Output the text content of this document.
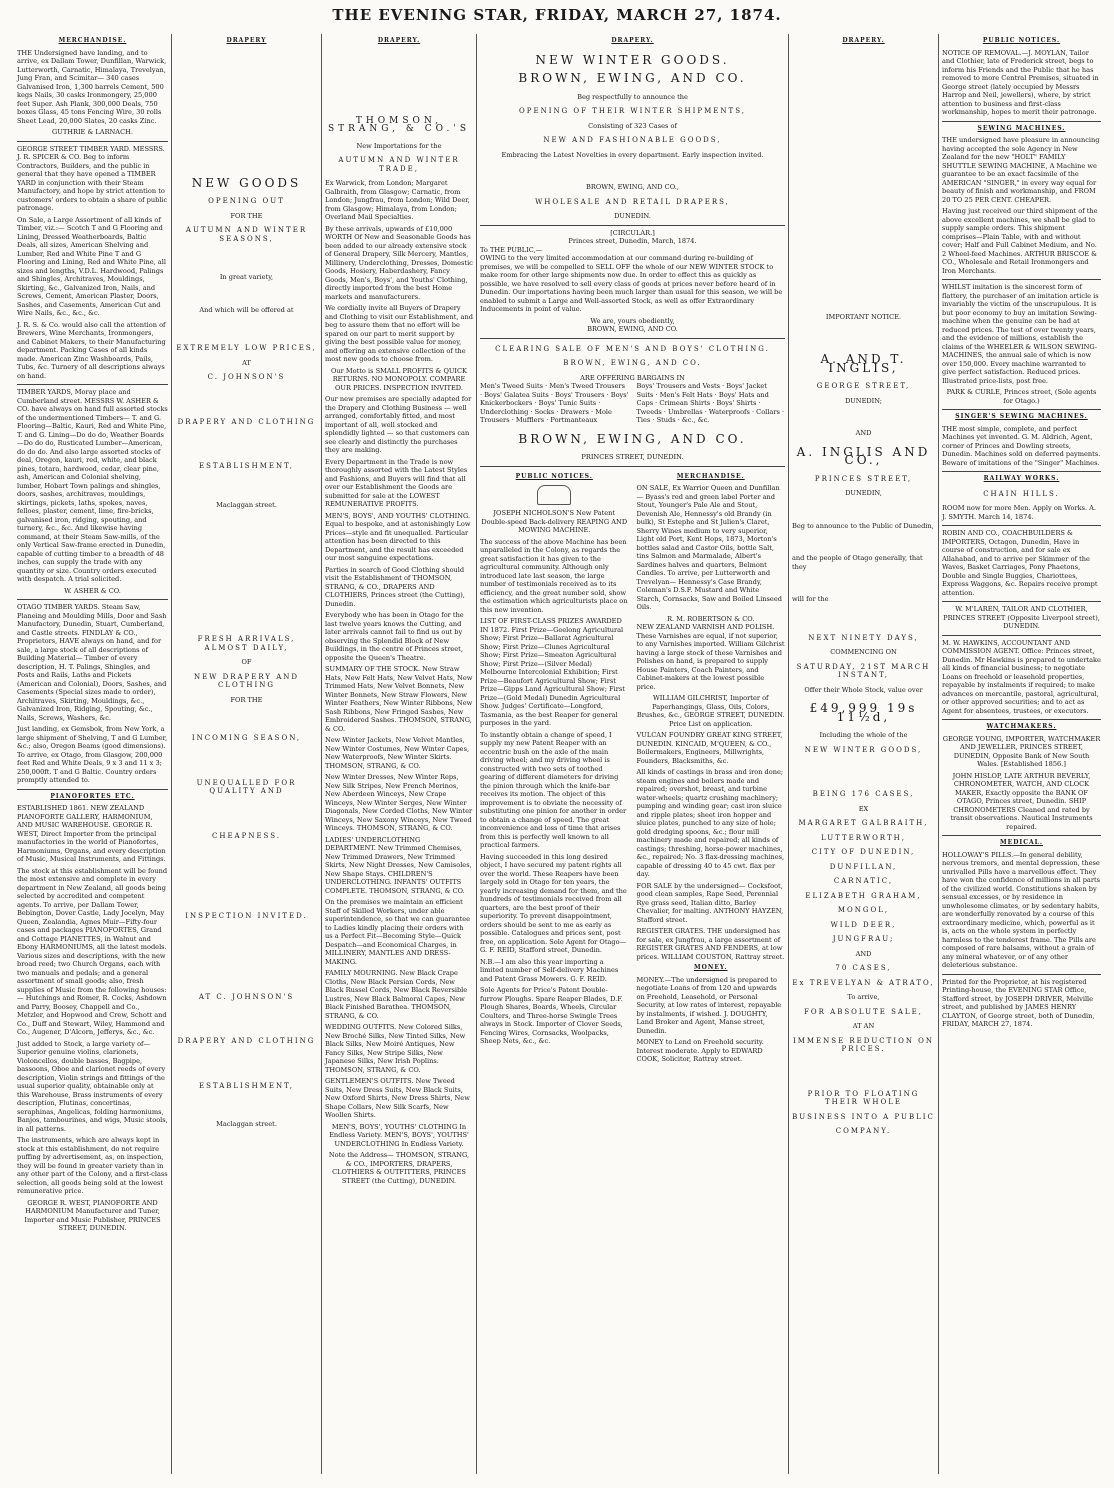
THE EVENING STAR, FRIDAY, MARCH 27, 1874.
MERCHANDISE.
THE Undersigned have landing, and to arrive, ex Dallam Tower, Dunfillan, Warwick, Lutterworth, Carnatic, Himalaya, Trevelyan, Jung Fran, and Scimitar— 340 cases Galvanised Iron, 1,300 barrels Cement, 500 kegs Nails, 30 casks Ironmongery, 25,000 feet Super. Ash Plank, 300,000 Deals, 750 boxes Glass, 45 tons Fencing Wire, 30 rolls Sheet Lead, 20,000 Slates, 20 casks Zinc.
GUTHRIE & LARNACH.
GEORGE STREET TIMBER YARD. MESSRS. J. R. SPICER & CO. Beg to inform Contractors, Builders, and the public in general that they have opened a TIMBER YARD in conjunction with their Steam Manufactory, and hope by strict attention to customers' orders to obtain a share of public patronage.
On Sale, a Large Assortment of all kinds of Timber, viz.:— Scotch T and G Flooring and Lining, Dressed Weatherboards, Baltic Deals, all sizes, American Shelving and Lumber, Red and White Pine T and G Flooring and Lining, Red and White Pine, all sizes and lengths, V.D.L. Hardwood, Palings and Shingles, Architraves, Mouldings, Skirting, &c., Galvanized Iron, Nails, and Screws, Cement, American Plaster, Doors, Sashes, and Casements, American Cut and Wire Nails, &c., &c., &c.
J. R. S. & Co. would also call the attention of Brewers, Wine Merchants, Ironmongers, and Cabinet Makers, to their Manufacturing department. Packing Cases of all kinds made. American Zinc Washboards, Pails, Tubs, &c. Turnery of all descriptions always on hand.
TIMBER YARDS, Moray place and Cumberland street. MESSRS W. ASHER & CO. have always on hand full assorted stocks of the undermentioned Timbers— T. and G. Flooring—Baltic, Kauri, Red and White Pine, T. and G. Lining—Do do do, Weather Boards—Do do do, Rusticated Lumber—American, do do do. And also large assorted stocks of deal, Oregon, kauri, red, white, and black pines, totara, hardwood, cedar, clear pine, ash, American and Colonial shelving, lumber, Hobart Town palings and shingles, doors, sashes, architraves, mouldings, skirtings, pickets, laths, spokes, naves, felloes, plaster, cement, lime, fire-bricks, galvanised iron, ridging, spouting, and turnery, &c., &c. And likewise having command, at their Steam Saw-mills, of the only Vertical Saw-frame erected in Dunedin, capable of cutting timber to a breadth of 48 inches, can supply the trade with any quantity or size. Country orders executed with despatch. A trial solicited.
W. ASHER & CO.
OTAGO TIMBER YARDS. Steam Saw, Planeing and Moulding Mills, Door and Sash Manufactory, Dunedin, Stuart, Cumberland, and Castle streets. FINDLAY & CO., Proprietors, HAVE always on hand, and for sale, a large stock of all descriptions of Building Material— Timber of every description, H. T. Palings, Shingles, and Posts and Rails, Laths and Pickets (American and Colonial), Doors, Sashes, and Casements (Special sizes made to order), Architraves, Skirting, Mouldings, &c., Galvanized Iron, Ridging, Spouting, &c., Nails, Screws, Washers, &c.
Just landing, ex Gemsbok, from New York, a large shipment of Shelving, T and G Lumber, &c.; also, Oregon Beams (good dimensions). To arrive, ex Otago, from Glasgow, 200,000 feet Red and White Deals, 9 x 3 and 11 x 3; 250,000ft. T and G Baltic. Country orders promptly attended to.
PIANOFORTES ETC.
ESTABLISHED 1861. NEW ZEALAND PIANOFORTE GALLERY, HARMONIUM, AND MUSIC WAREHOUSE. GEORGE R. WEST, Direct Importer from the principal manufactories in the world of Pianofortes, Harmoniums, Organs, and every description of Music, Musical Instruments, and Fittings.
The stock at this establishment will be found the most extensive and complete in every department in New Zealand, all goods being selected by accredited and competent agents. To arrive, per Dallam Tower, Bebington, Dover Castle, Lady Jocelyn, May Queen, Zealandia, Agnes Muir—Fifty-four cases and packages PIANOFORTES, Grand and Cottage PIANETTES, in Walnut and Ebony HARMONIUMS, all the latest models. Various sizes and descriptions, with the new broad reed; two Church Organs, each with two manuals and pedals; and a general assortment of small goods; also, fresh supplies of Music from the following houses:— Hutchings and Romer, R. Cocks, Ashdown and Parry, Boosey, Chappell and Co., Metzler, and Hopwood and Crew, Schott and Co., Duff and Stewart, Wiley, Hammond and Co., Augener, D'Alcorn, Jefferys, &c., &c.
Just added to Stock, a large variety of— Superior genuine violins, clarionets, Violoncellos, double basses, Bagpipe, bassoons, Oboe and clarionet reeds of every description, Violin strings and fittings of the usual superior quality, obtainable only at this Warehouse, Brass instruments of every description, Flutinas, concertinas, seraphinas, Angelicas, folding harmoniums, Banjos, tambourines, and wigs, Music stools, in all patterns.
The instruments, which are always kept in stock at this establishment, do not require puffing by advertisement, as, on inspection, they will be found in greater variety than in any other part of the Colony, and a first-class selection, all goods being sold at the lowest remunerative price.
GEORGE R. WEST, PIANOFORTE AND HARMONIUM Manufacturer and Tuner, Importer and Music Publisher, PRINCES STREET, DUNEDIN.
DRAPERY
NEW GOODS
OPENING OUT
FOR THE
AUTUMN AND WINTER SEASONS,
In great variety,
And which will be offered at
EXTREMELY LOW PRICES,
AT
C. JOHNSON'S
DRAPERY AND CLOTHING
ESTABLISHMENT,
Maclaggan street.
FRESH ARRIVALS, ALMOST DAILY,
OF
NEW DRAPERY AND CLOTHING
FOR THE
INCOMING SEASON,
UNEQUALLED FOR QUALITY AND
CHEAPNESS.
INSPECTION INVITED.
AT C. JOHNSON'S
DRAPERY AND CLOTHING
ESTABLISHMENT,
Maclaggan street.
DRAPERY.
THOMSON, STRANG, & CO.'S
New Importations for the
AUTUMN AND WINTER TRADE,
Ex Warwick, from London; Margaret Galbraith, from Glasgow; Carnatic, from London; Jungfrau, from London; Wild Deer, from Glasgow; Himalaya, from London; Overland Mail Specialties.
By these arrivals, upwards of £10,000 WORTH Of New and Seasonable Goods has been added to our already extensive stock of General Drapery, Silk Mercery, Mantles, Millinery, Underclothing, Dresses, Domestic Goods, Hosiery, Haberdashery, Fancy Goods, Men's, Boys', and Youths' Clothing, directly imported from the best Home markets and manufacturers.
We cordially invite all Buyers of Drapery and Clothing to visit our Establishment, and beg to assure them that no effort will be spared on our part to merit support by giving the best possible value for money, and offering an extensive collection of the most new goods to choose from.
Our Motto is SMALL PROFITS & QUICK RETURNS. NO MONOPOLY. COMPARE OUR PRICES. INSPECTION INVITED.
Our new premises are specially adapted for the Drapery and Clothing Business — well arranged, comfortably fitted, and most important of all, well stocked and splendidly lighted — so that customers can see clearly and distinctly the purchases they are making.
Every Department in the Trade is now thoroughly assorted with the Latest Styles and Fashions, and Buyers will find that all over our Establishment the Goods are submitted for sale at the LOWEST REMUNERATIVE PROFITS.
MEN'S, BOYS', AND YOUTHS' CLOTHING. Equal to bespoke, and at astonishingly Low Prices—style and fit unequalled. Particular attention has been directed to this Department, and the result has exceeded our most sanguine expectations.
Parties in search of Good Clothing should visit the Establishment of THOMSON, STRANG, & CO., DRAPERS AND CLOTHIERS, Princes street (the Cutting), Dunedin.
Everybody who has been in Otago for the last twelve years knows the Cutting, and later arrivals cannot fail to find us out by observing the Splendid Block of New Buildings, in the centre of Princes street, opposite the Queen's Theatre.
SUMMARY OF THE STOCK. New Straw Hats, New Felt Hats, New Velvet Hats, New Trimmed Hats, New Velvet Bonnets, New Winter Bonnets, New Straw Flowers, New Winter Feathers, New Winter Ribbons, New Sash Ribbons, New Fringed Sashes, New Embroidered Sashes. THOMSON, STRANG, & CO.
New Winter Jackets, New Velvet Mantles, New Winter Costumes, New Winter Capes, New Waterproofs, New Winter Skirts. THOMSON, STRANG, & CO.
New Winter Dresses, New Winter Reps, New Silk Stripes, New French Merinos, New Aberdeen Winceys, New Crape Winceys, New Winter Serges, New Winter Diagonals, New Corded Cloths, New Winter Winceys, New Saxony Winceys, New Tweed Winceys. THOMSON, STRANG, & CO.
LADIES' UNDERCLOTHING DEPARTMENT. New Trimmed Chemises, New Trimmed Drawers, New Trimmed Skirts, New Night Dresses, New Camisoles, New Shape Stays. CHILDREN'S UNDERCLOTHING. INFANTS' OUTFITS COMPLETE. THOMSON, STRANG, & CO.
On the premises we maintain an efficient Staff of Skilled Workers, under able superintendence, so that we can guarantee to Ladies kindly placing their orders with us a Perfect Fit—Becoming Style—Quick Despatch—and Economical Charges, in MILLINERY, MANTLES AND DRESS-MAKING.
FAMILY MOURNING. New Black Crape Cloths, New Black Persian Cords, New Black Russel Cords, New Black Reversible Lustres, New Black Balmoral Capes, New Black Finished Barathea. THOMSON, STRANG, & CO.
WEDDING OUTFITS. New Colored Silks, New Broché Silks, New Tinted Silks, New Black Silks, New Moiré Antiques, New Fancy Silks, New Stripe Silks, New Japanese Silks, New Irish Poplins. THOMSON, STRANG, & CO.
GENTLEMEN'S OUTFITS. New Tweed Suits, New Dress Suits, New Black Suits, New Oxford Shirts, New Dress Shirts, New Shape Collars, New Silk Scarfs, New Woollen Shirts.
MEN'S, BOYS', YOUTHS' CLOTHING In Endless Variety. MEN'S, BOYS', YOUTHS' UNDERCLOTHING In Endless Variety.
Note the Address— THOMSON, STRANG, & CO., IMPORTERS, DRAPERS, CLOTHIERS & OUTFITTERS, PRINCES STREET (the Cutting), DUNEDIN.
DRAPERY.
NEW WINTER GOODS.
BROWN, EWING, AND CO.
Beg respectfully to announce the
OPENING OF THEIR WINTER SHIPMENTS,
Consisting of 323 Cases of
NEW AND FASHIONABLE GOODS,
Embracing the Latest Novelties in every department. Early inspection invited.
BROWN, EWING, AND CO.,
WHOLESALE AND RETAIL DRAPERS,
DUNEDIN.
[CIRCULAR.]
Princes street, Dunedin, March, 1874.
To THE PUBLIC,—
OWING to the very limited accommodation at our command during re-building of premises, we will be compelled to SELL OFF the whole of our NEW WINTER STOCK to make room for other large shipments now due. In order to effect this as quickly as possible, we have resolved to sell every class of goods at prices never before heard of in Dunedin. Our importations having been much larger than usual for this season, we will be enabled to submit a Large and Well-assorted Stock, as well as offer Extraordinary Inducements in point of value.
We are, yours obediently,
BROWN, EWING, AND CO.
CLEARING SALE OF MEN'S AND BOYS' CLOTHING.
BROWN, EWING, AND CO.
ARE OFFERING BARGAINS IN
Men's Tweed Suits · Men's Tweed Trousers · Boys' Galatea Suits · Boys' Trousers · Boys' Knickerbockers · Boys' Tunic Suits · Underclothing · Socks · Drawers · Mole Trousers · Mufflers · Portmanteaux
Boys' Trousers and Vests · Boys' Jacket Suits · Men's Felt Hats · Boys' Hats and Caps · Crimean Shirts · Boys' Shirts · Tweeds · Umbrellas · Waterproofs · Collars · Ties · Studs · &c., &c.
BROWN, EWING, AND CO.
PRINCES STREET, DUNEDIN.
PUBLIC NOTICES.
JOSEPH NICHOLSON'S New Patent Double-speed Back-delivery REAPING AND MOWING MACHINE.
The success of the above Machine has been unparalleled in the Colony, as regards the great satisfaction it has given to the agricultural community. Although only introduced late last season, the large number of testimonials received as to its efficiency, and the great number sold, show the estimation which agriculturists place on this new invention.
LIST OF FIRST-CLASS PRIZES AWARDED IN 1872. First Prize—Geelong Agricultural Show; First Prize—Ballarat Agricultural Show; First Prize—Clunes Agricultural Show; First Prize—Smeaton Agricultural Show; First Prize—(Silver Medal) Melbourne Intercolonial Exhibition; First Prize—Beaufort Agricultural Show; First Prize—Gipps Land Agricultural Show; First Prize—(Gold Medal) Dunedin Agricultural Show. Judges' Certificate—Longford, Tasmania, as the best Reaper for general purposes in the yard.
To instantly obtain a change of speed, I supply my new Patent Reaper with an eccentric bush on the axle of the main driving wheel; and my driving wheel is constructed with two sets of toothed gearing of different diameters for driving the pinion through which the knife-bar receives its motion. The object of this improvement is to obviate the necessity of substituting one pinion for another in order to obtain a change of speed. The great inconvenience and loss of time that arises from this is perfectly well known to all practical farmers.
Having succeeded in this long desired object, I have secured my patent rights all over the world. These Reapers have been largely sold in Otago for ten years, the yearly increasing demand for them, and the hundreds of testimonials received from all quarters, are the best proof of their superiority. To prevent disappointment, orders should be sent to me as early as possible. Catalogues and prices sent, post free, on application. Sole Agent for Otago— G. F. REID, Stafford street, Dunedin.
N.B.—I am also this year importing a limited number of Self-delivery Machines and Patent Grass Mowers. G. F. REID.
Sole Agents for Price's Patent Double-furrow Ploughs. Spare Reaper Blades, D.F. Plough Shares, Boards, Wheels, Circular Coulters, and Three-horse Swingle Trees always in Stock. Importer of Clover Seeds, Fencing Wires, Cornsacks, Woolpacks, Sheep Nets, &c., &c.
MERCHANDISE.
ON SALE, Ex Warrior Queen and Dunfillan— Byass's red and green label Porter and Stout, Younger's Pale Ale and Stout, Devenish Ale, Hennessy's old Brandy (in bulk), St Estephe and St Julien's Claret, Sherry Wines medium to very superior, Light old Port, Kent Hops, 1873, Morton's bottles salad and Castor Oils, bottle Salt, tins Salmon and Marmalade, Albert's Sardines halves and quarters, Belmont Candles. To arrive, per Lutterworth and Trevelyan— Hennessy's Case Brandy, Coleman's D.S.F. Mustard and White Starch, Cornsacks, Saw and Boiled Linseed Oils.
R. M. ROBERTSON & CO.
NEW ZEALAND VARNISH AND POLISH. These Varnishes are equal, if not superior, to any Varnishes imported. William Gilchrist having a large stock of these Varnishes and Polishes on hand, is prepared to supply House Painters, Coach Painters, and Cabinet-makers at the lowest possible price.
WILLIAM GILCHRIST, Importer of Paperhangings, Glass, Oils, Colors, Brushes, &c., GEORGE STREET, DUNEDIN. Price List on application.
VULCAN FOUNDRY GREAT KING STREET, DUNEDIN. KINCAID, M'QUEEN, & CO., Boilermakers, Engineers, Millwrights, Founders, Blacksmiths, &c.
All kinds of castings in brass and iron done; steam engines and boilers made and repaired; overshot, breast, and turbine water-wheels; quartz crushing machinery; pumping and winding gear; cast iron sluice and ripple plates; sheet iron hopper and sluice plates, punched to any size of hole; gold dredging spoons, &c.; flour mill machinery made and repaired; all kinds of castings; threshing, horse-power machines, &c., repaired; No. 3 flax-dressing machines, capable of dressing 40 to 45 cwt. flax per day.
FOR SALE by the undersigned— Cocksfoot, good clean samples, Rape Seed, Perennial Rye grass seed, Italian ditto, Barley Chevalier, for malting. ANTHONY HAYZEN, Stafford street.
REGISTER GRATES. THE undersigned has for sale, ex Jungfrau, a large assortment of REGISTER GRATES AND FENDERS, at low prices. WILLIAM COUSTON, Rattray street.
MONEY.
MONEY.—The undersigned is prepared to negotiate Loans of from 120 and upwards on Freehold, Leasehold, or Personal Security, at low rates of interest, repayable by instalments, if wished. J. DOUGHTY, Land Broker and Agent, Manse street, Dunedin.
MONEY to Lend on Freehold security. Interest moderate. Apply to EDWARD COOK, Solicitor, Rattray street.
DRAPERY.
IMPORTANT NOTICE.
A. AND T. INGLIS,
GEORGE STREET,
DUNEDIN;
AND
A. INGLIS AND CO.,
PRINCES STREET,
DUNEDIN,
Beg to announce to the Public of Dunedin,
and the people of Otago generally, that they
will for the
NEXT NINETY DAYS,
COMMENCING ON
SATURDAY, 21ST MARCH INSTANT,
Offer their Whole Stock, value over
£49,999 19s 11½d,
Including the whole of the
NEW WINTER GOODS,
BEING 176 CASES,
EX
MARGARET GALBRAITH,
LUTTERWORTH,
CITY OF DUNEDIN,
DUNFILLAN,
CARNATIC,
ELIZABETH GRAHAM,
MONGOL,
WILD DEER,
JUNGFRAU;
AND
70 CASES,
Ex TREVELYAN & ATRATO,
To arrive,
FOR ABSOLUTE SALE,
AT AN
IMMENSE REDUCTION ON PRICES.
PRIOR TO FLOATING THEIR WHOLE
BUSINESS INTO A PUBLIC
COMPANY.
PUBLIC NOTICES.
NOTICE OF REMOVAL.—J. MOYLAN, Tailor and Clothier, late of Frederick street, begs to inform his Friends and the Public that he has removed to more Central Premises, situated in George street (lately occupied by Messrs Harrop and Neil, jewellers), where, by strict attention to business and first-class workmanship, hopes to merit their patronage.
SEWING MACHINES.
THE undersigned have pleasure in announcing having accepted the sole Agency in New Zealand for the new "HOLT" FAMILY SHUTTLE SEWING MACHINE, A Machine we guarantee to be an exact facsimile of the AMERICAN "SINGER," in every way equal for beauty of finish and workmanship, and FROM 20 TO 25 PER CENT. CHEAPER.
Having just received our third shipment of the above excellent machines, we shall be glad to supply sample orders. This shipment comprises—Plain Table, with and without cover; Half and Full Cabinet Medium, and No. 2 Wheel-feed Machines. ARTHUR BRISCOE & CO., Wholesale and Retail Ironmongers and Iron Merchants.
WHILST imitation is the sincerest form of flattery, the purchaser of an imitation article is invariably the victim of the unscrupulous. It is but poor economy to buy an imitation Sewing-machine when the genuine can be had at reduced prices. The test of over twenty years, and the evidence of millions, establish the claims of the WHEELER & WILSON SEWING-MACHINES, the annual sale of which is now over 150,000. Every machine warranted to give perfect satisfaction. Reduced prices. Illustrated price-lists, post free.
PARK & CURLE, Princes street, (Sole agents for Otago.)
SINGER'S SEWING MACHINES.
THE most simple, complete, and perfect Machines yet invented. G. M. Aldrich, Agent, corner of Princes and Dowling streets, Dunedin. Machines sold on deferred payments. Beware of imitations of the "Singer" Machines.
RAILWAY WORKS.
CHAIN HILLS.
ROOM now for more Men. Apply on Works. A. J. SMYTH. March 14, 1874.
ROBIN AND CO., COACHBUILDERS & IMPORTERS, Octagon, Dunedin, Have in course of construction, and for sale ex Allahabad, and to arrive per Skimmer of the Waves, Basket Carriages, Pony Phaetons, Double and Single Buggies, Chariottees, Express Waggons, &c. Repairs receive prompt attention.
W. M'LAREN, TAILOR AND CLOTHIER, PRINCES STREET (Opposite Liverpool street), DUNEDIN.
M. W. HAWKINS, ACCOUNTANT AND COMMISSION AGENT. Office: Princes street, Dunedin. Mr Hawkins is prepared to undertake all kinds of financial business; to negotiate Loans on freehold or leasehold properties, repayable by instalments if required; to make advances on mercantile, pastoral, agricultural, or other approved securities; and to act as Agent for absentees, trustees, or executors.
WATCHMAKERS.
GEORGE YOUNG, IMPORTER, WATCHMAKER AND JEWELLER, PRINCES STREET, DUNEDIN, Opposite Bank of New South Wales. [Established 1856.]
JOHN HISLOP, LATE ARTHUR BEVERLY, CHRONOMETER, WATCH, AND CLOCK MAKER, Exactly opposite the BANK OF OTAGO, Princes street, Dunedin. SHIP CHRONOMETERS Cleaned and rated by transit observations. Nautical Instruments repaired.
MEDICAL.
HOLLOWAY'S PILLS.—In general debility, nervous tremors, and mental depression, these unrivalled Pills have a marvellous effect. They have won the confidence of millions in all parts of the civilized world. Constitutions shaken by sensual excesses, or by residence in unwholesome climates, or by sedentary habits, are wonderfully renovated by a course of this extraordinary medicine, which, powerful as it is, acts on the whole system in perfectly harmless to the tenderest frame. The Pills are composed of rare balsams, without a grain of any mineral whatever, or of any other deleterious substance.
Printed for the Proprietor, at his registered Printing-house, the EVENING STAR Office, Stafford street, by JOSEPH DRIVER, Melville street, and published by JAMES HENRY CLAYTON, of George street, both of Dunedin, FRIDAY, MARCH 27, 1874.
